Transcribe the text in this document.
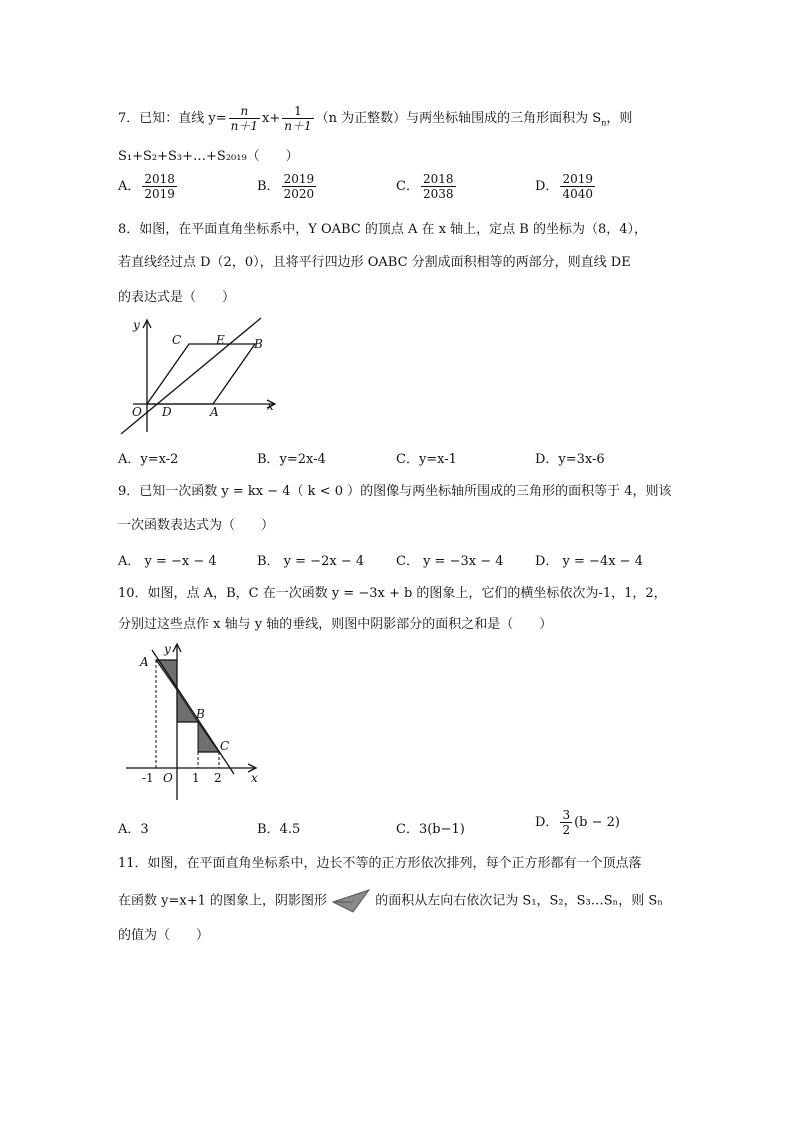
7．已知：直线 $y= \frac{n}{n+1} x+ \frac{1}{n+1} (n$ 为正整数）与两坐标轴围成的三角形面积为 $S_n$，则
S₁+S₂+S₃+…+S₂₀₁₉（　　）
A． $\frac{2018}{2019}$	B． $\frac{2019}{2020}$	C． $\frac{2018}{2038}$	D． $\frac{2019}{4040}$
8．如图，在平面直角坐标系中，Y OABC 的顶点 A 在 x 轴上，定点 B 的坐标为（8，4），
若直线经过点 D（2，0），且将平行四边形 OABC 分割成面积相等的两部分，则直线 DE
的表达式是（　　）
y
x
O D	A
C	E B
A．y=x-2	B．y=2x-4	C．y=x-1	D．y=3x-6
9．已知一次函数 y = kx − 4（ k < 0 ）的图像与两坐标轴所围成的三角形的面积等于 4，则该
一次函数表达式为（　　）
A． y = −x − 4	B． y = −2x − 4 C． y = −3x − 4 D． y = −4x − 4
10．如图，点 A，B，C 在一次函数 y = −3x + b 的图象上，它们的横坐标依次为-1，1，2，
分别过这些点作 x 轴与 y 轴的垂线，则图中阴影部分的面积之和是（　　）
y
x
A
B
C
O
-1	1 2
A．3	B．4.5	C．3(b−1)	D． $\frac{3}{2} (b - 2)$
11．如图，在平面直角坐标系中，边长不等的正方形依次排列，每个正方形都有一个顶点落
在函数 y=x+1 的图象上，阴影图形	的面积从左向右依次记为 S₁，S₂，S₃…Sₙ，则 Sₙ
的值为（　　）
